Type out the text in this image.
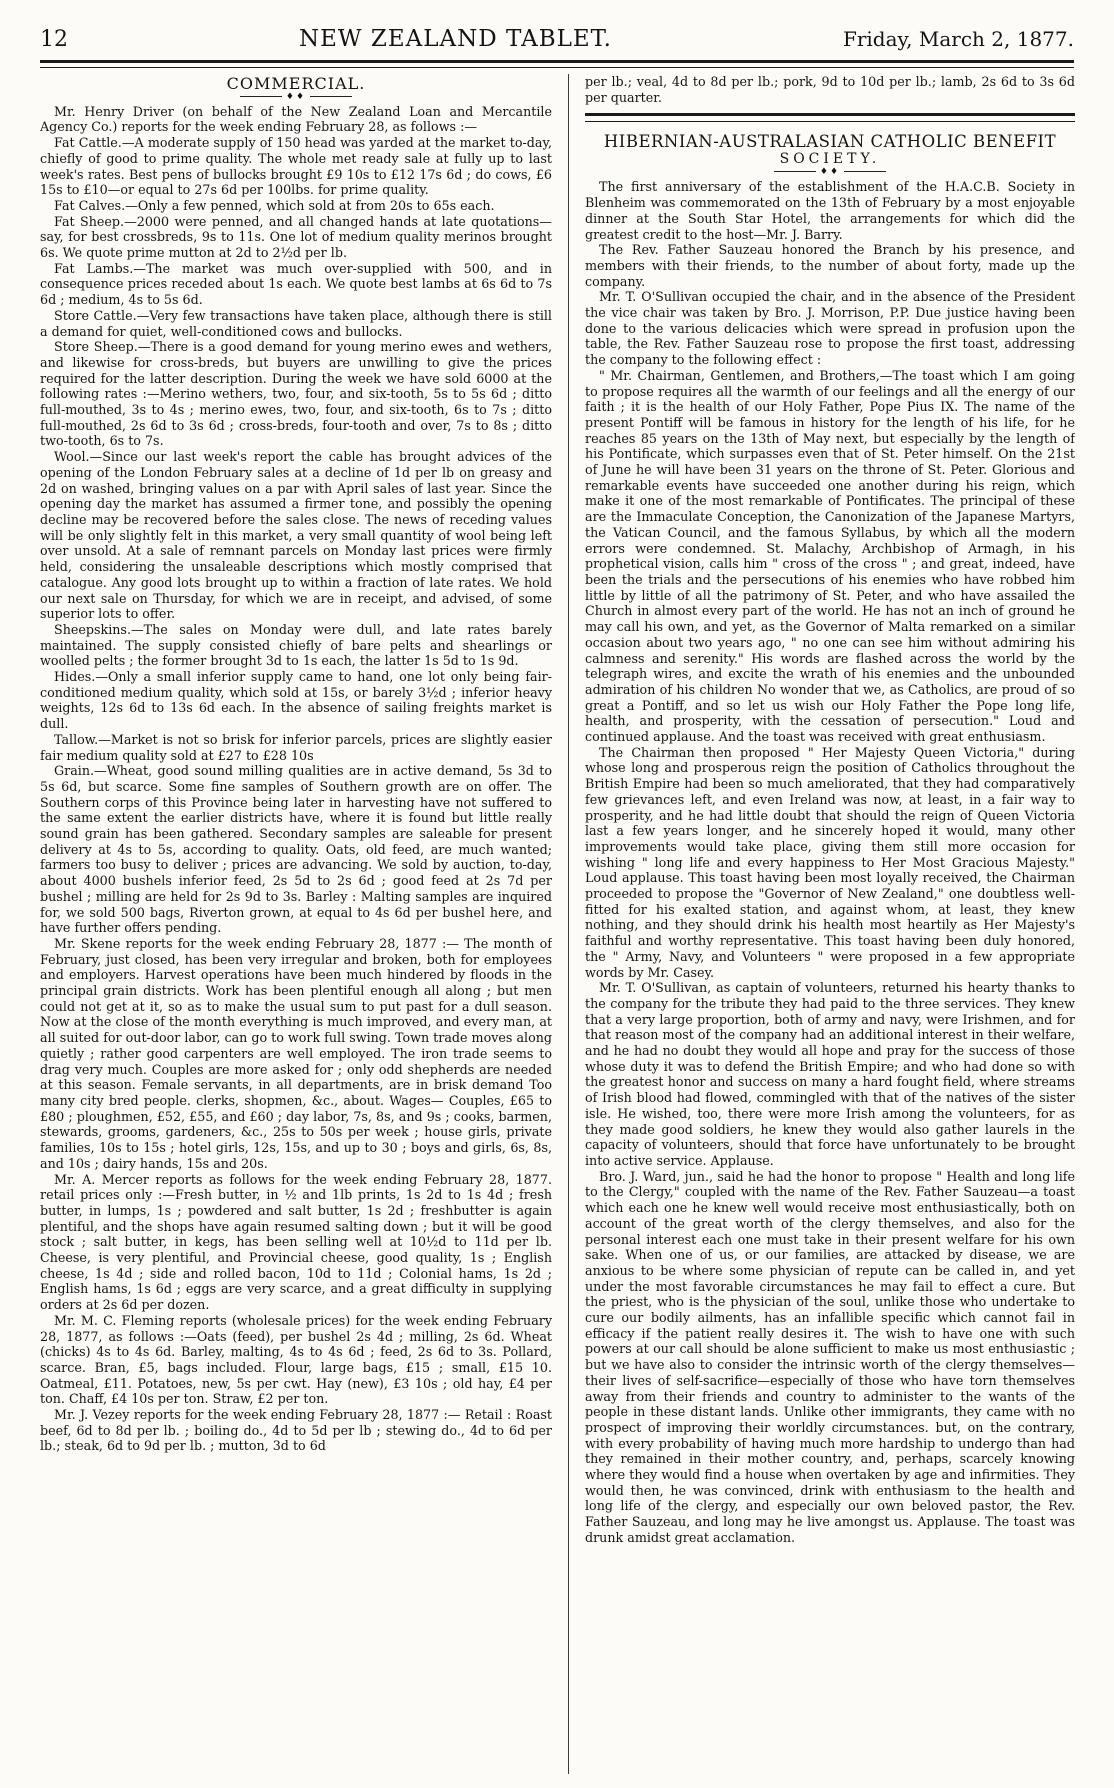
12	NEW ZEALAND TABLET.	Friday, March 2, 1877.
COMMERCIAL.
♦♦

Mr. Henry Driver (on behalf of the New Zealand Loan and Mercantile Agency Co.) reports for the week ending February 28, as follows :—

Fat Cattle.—A moderate supply of 150 head was yarded at the market to-day, chiefly of good to prime quality. The whole met ready sale at fully up to last week's rates. Best pens of bullocks brought £9 10s to £12 17s 6d ; do cows, £6 15s to £10—or equal to 27s 6d per 100lbs. for prime quality.

Fat Calves.—Only a few penned, which sold at from 20s to 65s each.

Fat Sheep.—2000 were penned, and all changed hands at late quotations—say, for best crossbreds, 9s to 11s. One lot of medium quality merinos brought 6s. We quote prime mutton at 2d to 2½d per lb.

Fat Lambs.—The market was much over-supplied with 500, and in consequence prices receded about 1s each. We quote best lambs at 6s 6d to 7s 6d ; medium, 4s to 5s 6d.

Store Cattle.—Very few transactions have taken place, although there is still a demand for quiet, well-conditioned cows and bullocks.

Store Sheep.—There is a good demand for young merino ewes and wethers, and likewise for cross-breds, but buyers are unwilling to give the prices required for the latter description. During the week we have sold 6000 at the following rates :—Merino wethers, two, four, and six-tooth, 5s to 5s 6d ; ditto full-mouthed, 3s to 4s ; merino ewes, two, four, and six-tooth, 6s to 7s ; ditto full-mouthed, 2s 6d to 3s 6d ; cross-breds, four-tooth and over, 7s to 8s ; ditto two-tooth, 6s to 7s.

Wool.—Since our last week's report the cable has brought advices of the opening of the London February sales at a decline of 1d per lb on greasy and 2d on washed, bringing values on a par with April sales of last year. Since the opening day the market has assumed a firmer tone, and possibly the opening decline may be recovered before the sales close. The news of receding values will be only slightly felt in this market, a very small quantity of wool being left over unsold. At a sale of remnant parcels on Monday last prices were firmly held, considering the unsaleable descriptions which mostly comprised that catalogue. Any good lots brought up to within a fraction of late rates. We hold our next sale on Thursday, for which we are in receipt, and advised, of some superior lots to offer.

Sheepskins.—The sales on Monday were dull, and late rates barely maintained. The supply consisted chiefly of bare pelts and shearlings or woolled pelts ; the former brought 3d to 1s each, the latter 1s 5d to 1s 9d.

Hides.—Only a small inferior supply came to hand, one lot only being fair-conditioned medium quality, which sold at 15s, or barely 3½d ; inferior heavy weights, 12s 6d to 13s 6d each. In the absence of sailing freights market is dull.

Tallow.—Market is not so brisk for inferior parcels, prices are slightly easier fair medium quality sold at £27 to £28 10s

Grain.—Wheat, good sound milling qualities are in active demand, 5s 3d to 5s 6d, but scarce. Some fine samples of Southern growth are on offer. The Southern corps of this Province being later in harvesting have not suffered to the same extent the earlier districts have, where it is found but little really sound grain has been gathered. Secondary samples are saleable for present delivery at 4s to 5s, according to quality. Oats, old feed, are much wanted; farmers too busy to deliver ; prices are advancing. We sold by auction, to-day, about 4000 bushels inferior feed, 2s 5d to 2s 6d ; good feed at 2s 7d per bushel ; milling are held for 2s 9d to 3s. Barley : Malting samples are inquired for, we sold 500 bags, Riverton grown, at equal to 4s 6d per bushel here, and have further offers pending.

Mr. Skene reports for the week ending February 28, 1877 :— The month of February, just closed, has been very irregular and broken, both for employees and employers. Harvest operations have been much hindered by floods in the principal grain districts. Work has been plentiful enough all along ; but men could not get at it, so as to make the usual sum to put past for a dull season. Now at the close of the month everything is much improved, and every man, at all suited for out-door labor, can go to work full swing. Town trade moves along quietly ; rather good carpenters are well employed. The iron trade seems to drag very much. Couples are more asked for ; only odd shepherds are needed at this season. Female servants, in all departments, are in brisk demand Too many city bred people. clerks, shopmen, &c., about. Wages— Couples, £65 to £80 ; ploughmen, £52, £55, and £60 ; day labor, 7s, 8s, and 9s ; cooks, barmen, stewards, grooms, gardeners, &c., 25s to 50s per week ; house girls, private families, 10s to 15s ; hotel girls, 12s, 15s, and up to 30 ; boys and girls, 6s, 8s, and 10s ; dairy hands, 15s and 20s.

Mr. A. Mercer reports as follows for the week ending February 28, 1877. retail prices only :—Fresh butter, in ½ and 1lb prints, 1s 2d to 1s 4d ; fresh butter, in lumps, 1s ; powdered and salt butter, 1s 2d ; freshbutter is again plentiful, and the shops have again resumed salting down ; but it will be good stock ; salt butter, in kegs, has been selling well at 10½d to 11d per lb. Cheese, is very plentiful, and Provincial cheese, good quality, 1s ; English cheese, 1s 4d ; side and rolled bacon, 10d to 11d ; Colonial hams, 1s 2d ; English hams, 1s 6d ; eggs are very scarce, and a great difficulty in supplying orders at 2s 6d per dozen.

Mr. M. C. Fleming reports (wholesale prices) for the week ending February 28, 1877, as follows :—Oats (feed), per bushel 2s 4d ; milling, 2s 6d. Wheat (chicks) 4s to 4s 6d. Barley, malting, 4s to 4s 6d ; feed, 2s 6d to 3s. Pollard, scarce. Bran, £5, bags included. Flour, large bags, £15 ; small, £15 10. Oatmeal, £11. Potatoes, new, 5s per cwt. Hay (new), £3 10s ; old hay, £4 per ton. Chaff, £4 10s per ton. Straw, £2 per ton.

Mr. J. Vezey reports for the week ending February 28, 1877 :— Retail : Roast beef, 6d to 8d per lb. ; boiling do., 4d to 5d per lb ; stewing do., 4d to 6d per lb.; steak, 6d to 9d per lb. ; mutton, 3d to 6d

per lb.; veal, 4d to 8d per lb.; pork, 9d to 10d per lb.; lamb, 2s 6d to 3s 6d per quarter.

HIBERNIAN-AUSTRALASIAN CATHOLIC BENEFIT
SOCIETY.
♦♦

The first anniversary of the establishment of the H.A.C.B. Society in Blenheim was commemorated on the 13th of February by a most enjoyable dinner at the South Star Hotel, the arrangements for which did the greatest credit to the host—Mr. J. Barry.

The Rev. Father Sauzeau honored the Branch by his presence, and members with their friends, to the number of about forty, made up the company.

Mr. T. O'Sullivan occupied the chair, and in the absence of the President the vice chair was taken by Bro. J. Morrison, P.P. Due justice having been done to the various delicacies which were spread in profusion upon the table, the Rev. Father Sauzeau rose to propose the first toast, addressing the company to the following effect :

" Mr. Chairman, Gentlemen, and Brothers,—The toast which I am going to propose requires all the warmth of our feelings and all the energy of our faith ; it is the health of our Holy Father, Pope Pius IX. The name of the present Pontiff will be famous in history for the length of his life, for he reaches 85 years on the 13th of May next, but especially by the length of his Pontificate, which surpasses even that of St. Peter himself. On the 21st of June he will have been 31 years on the throne of St. Peter. Glorious and remarkable events have succeeded one another during his reign, which make it one of the most remarkable of Pontificates. The principal of these are the Immaculate Conception, the Canonization of the Japanese Martyrs, the Vatican Council, and the famous Syllabus, by which all the modern errors were condemned. St. Malachy, Archbishop of Armagh, in his prophetical vision, calls him " cross of the cross " ; and great, indeed, have been the trials and the persecutions of his enemies who have robbed him little by little of all the patrimony of St. Peter, and who have assailed the Church in almost every part of the world. He has not an inch of ground he may call his own, and yet, as the Governor of Malta remarked on a similar occasion about two years ago, " no one can see him without admiring his calmness and serenity." His words are flashed across the world by the telegraph wires, and excite the wrath of his enemies and the unbounded admiration of his children No wonder that we, as Catholics, are proud of so great a Pontiff, and so let us wish our Holy Father the Pope long life, health, and prosperity, with the cessation of persecution." Loud and continued applause. And the toast was received with great enthusiasm.

The Chairman then proposed " Her Majesty Queen Victoria," during whose long and prosperous reign the position of Catholics throughout the British Empire had been so much ameliorated, that they had comparatively few grievances left, and even Ireland was now, at least, in a fair way to prosperity, and he had little doubt that should the reign of Queen Victoria last a few years longer, and he sincerely hoped it would, many other improvements would take place, giving them still more occasion for wishing " long life and every happiness to Her Most Gracious Majesty." Loud applause. This toast having been most loyally received, the Chairman proceeded to propose the "Governor of New Zealand," one doubtless well-fitted for his exalted station, and against whom, at least, they knew nothing, and they should drink his health most heartily as Her Majesty's faithful and worthy representative. This toast having been duly honored, the " Army, Navy, and Volunteers " were proposed in a few appropriate words by Mr. Casey.

Mr. T. O'Sullivan, as captain of volunteers, returned his hearty thanks to the company for the tribute they had paid to the three services. They knew that a very large proportion, both of army and navy, were Irishmen, and for that reason most of the company had an additional interest in their welfare, and he had no doubt they would all hope and pray for the success of those whose duty it was to defend the British Empire; and who had done so with the greatest honor and success on many a hard fought field, where streams of Irish blood had flowed, commingled with that of the natives of the sister isle. He wished, too, there were more Irish among the volunteers, for as they made good soldiers, he knew they would also gather laurels in the capacity of volunteers, should that force have unfortunately to be brought into active service. Applause.

Bro. J. Ward, jun., said he had the honor to propose " Health and long life to the Clergy," coupled with the name of the Rev. Father Sauzeau—a toast which each one he knew well would receive most enthusiastically, both on account of the great worth of the clergy themselves, and also for the personal interest each one must take in their present welfare for his own sake. When one of us, or our families, are attacked by disease, we are anxious to be where some physician of repute can be called in, and yet under the most favorable circumstances he may fail to effect a cure. But the priest, who is the physician of the soul, unlike those who undertake to cure our bodily ailments, has an infallible specific which cannot fail in efficacy if the patient really desires it. The wish to have one with such powers at our call should be alone sufficient to make us most enthusiastic ; but we have also to consider the intrinsic worth of the clergy themselves—their lives of self-sacrifice—especially of those who have torn themselves away from their friends and country to administer to the wants of the people in these distant lands. Unlike other immigrants, they came with no prospect of improving their worldly circumstances. but, on the contrary, with every probability of having much more hardship to undergo than had they remained in their mother country, and, perhaps, scarcely knowing where they would find a house when overtaken by age and infirmities. They would then, he was convinced, drink with enthusiasm to the health and long life of the clergy, and especially our own beloved pastor, the Rev. Father Sauzeau, and long may he live amongst us. Applause. The toast was drunk amidst great acclamation.
